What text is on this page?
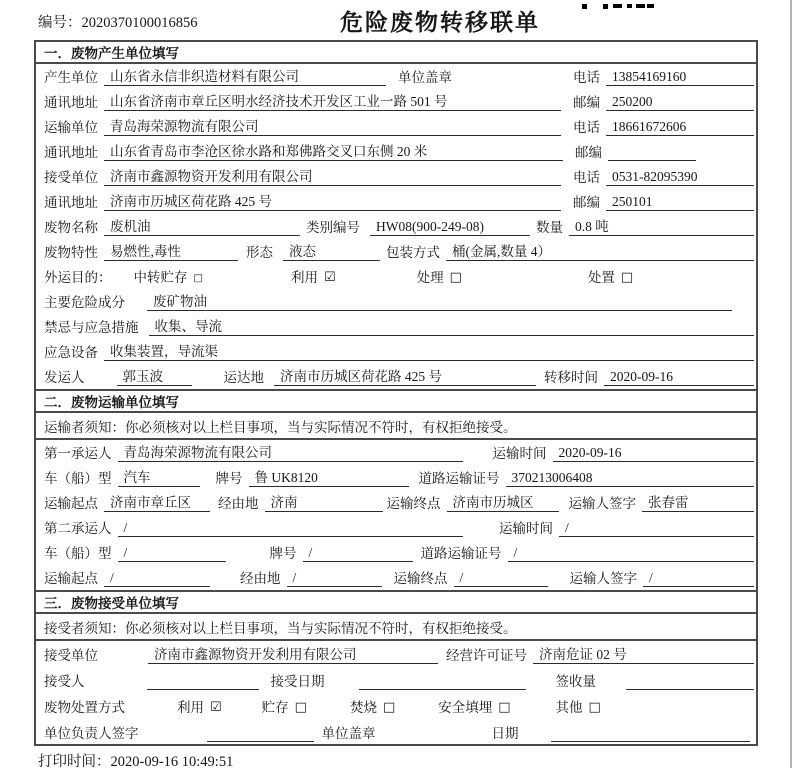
编号：2020370100016856	危险废物转移联单
一．废物产生单位填写
产生单位 山东省永信非织造材料有限公司	单位盖章	电话 13854169160
通讯地址 山东省济南市章丘区明水经济技术开发区工业一路 501 号	邮编 250200
运输单位 青岛海荣源物流有限公司	电话 18661672606
通讯地址 山东省青岛市李沧区徐水路和郑佛路交叉口东侧 20 米	邮编
接受单位 济南市鑫源物资开发利用有限公司	电话 0531-82095390
通讯地址 济南市历城区荷花路 425 号	邮编 250101
废物名称 废机油	类别编号	HW08(900-249-08)	数量 0.8 吨
废物特性 易燃性,毒性	形态	液态	包装方式 桶(金属,数量 4）
外运目的：	中转贮存 □	利用 ☑	处理 □	处置 □
主要危险成分	废矿物油
禁忌与应急措施	收集、导流
应急设备 收集装置，导流渠
发运人	郭玉波	运达地	济南市历城区荷花路 425 号	转移时间 2020-09-16
二．废物运输单位填写
运输者须知：你必须核对以上栏目事项，当与实际情况不符时，有权拒绝接受。
第一承运人 青岛海荣源物流有限公司	运输时间 2020-09-16
车（船）型 汽车	牌号 鲁 UK8120	道路运输证号 370213006408
运输起点 济南市章丘区	经由地 济南	运输终点 济南市历城区	运输人签字 张春雷
第二承运人 /	运输时间 /
车（船）型 /	牌号 /	道路运输证号 /
运输起点 /	经由地 /	运输终点 /	运输人签字 /
三．废物接受单位填写
接受者须知：你必须核对以上栏目事项，当与实际情况不符时，有权拒绝接受。
接受单位	济南市鑫源物资开发利用有限公司	经营许可证号 济南危证 02 号
接受人	接受日期	签收量
废物处置方式	利用 ☑	贮存 □	焚烧 □	安全填埋 □	其他 □
单位负责人签字	单位盖章	日期
打印时间：2020-09-16 10:49:51
